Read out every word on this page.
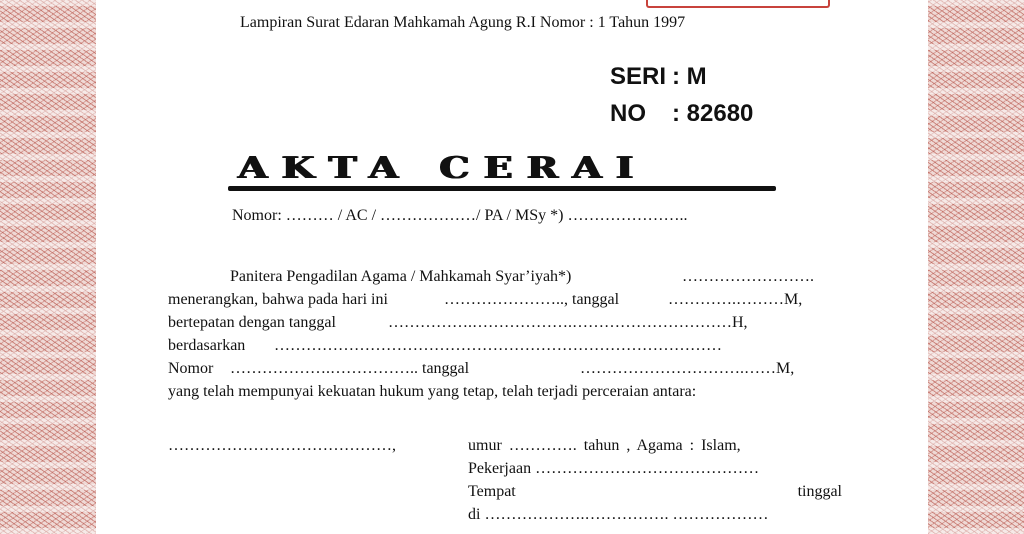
Lampiran Surat Edaran Mahkamah Agung R.I Nomor : 1 Tahun 1997
SERI : M
NO	: 82680
AKTA CERAI
Nomor: ……… / AC / ………………/ PA / MSy *) …………………..
Panitera Pengadilan Agama / Mahkamah Syar’iyah*)	…………………….
menerangkan, bahwa pada hari ini	………………….., tanggal	………….………M,
bertepatan dengan tanggal	…………….……………….…………………………H,
berdasarkan …………………………………………………………………………
Nomor ……………….…………….. tanggal	………………………….……M,
yang telah mempunyai kekuatan hukum yang tetap, telah terjadi perceraian antara:
……………………………………,	umur …………. tahun , Agama : Islam,
Pekerjaan ……………………………………
Tempat	tinggal
di ……………….……………. ………………
